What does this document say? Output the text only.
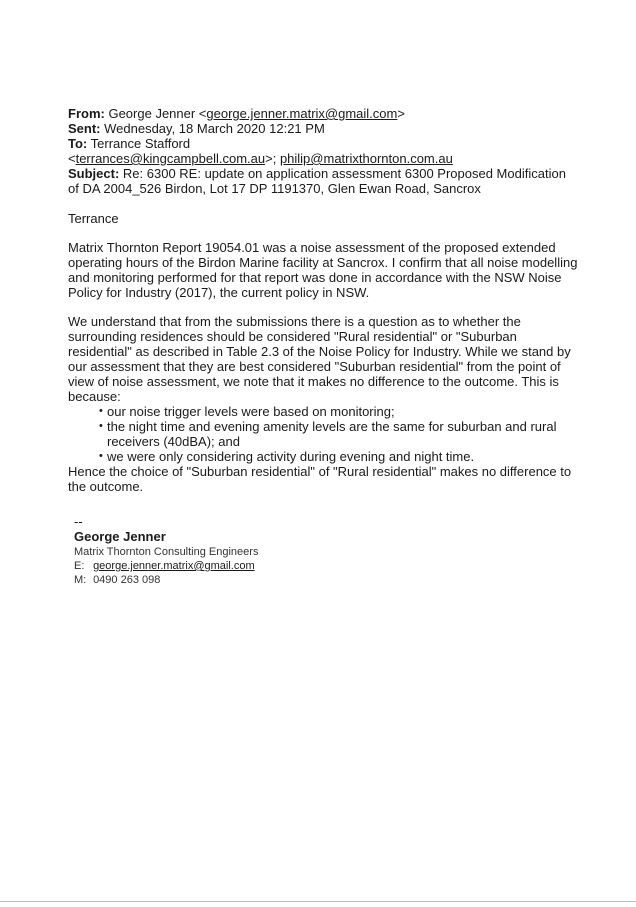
From: George Jenner <george.jenner.matrix@gmail.com>
Sent: Wednesday, 18 March 2020 12:21 PM
To: Terrance Stafford
<terrances@kingcampbell.com.au>; philip@matrixthornton.com.au
Subject: Re: 6300 RE: update on application assessment 6300 Proposed Modification of DA 2004_526 Birdon, Lot 17 DP 1191370, Glen Ewan Road, Sancrox

Terrance

Matrix Thornton Report 19054.01 was a noise assessment of the proposed extended operating hours of the Birdon Marine facility at Sancrox. I confirm that all noise modelling and monitoring performed for that report was done in accordance with the NSW Noise Policy for Industry (2017), the current policy in NSW.

We understand that from the submissions there is a question as to whether the surrounding residences should be considered "Rural residential" or "Suburban residential" as described in Table 2.3 of the Noise Policy for Industry. While we stand by our assessment that they are best considered "Suburban residential" from the point of view of noise assessment, we note that it makes no difference to the outcome. This is because:

• our noise trigger levels were based on monitoring;
• the night time and evening amenity levels are the same for suburban and rural receivers (40dBA); and
• we were only considering activity during evening and night time.

Hence the choice of "Suburban residential" of "Rural residential" makes no difference to the outcome.

--
George Jenner
Matrix Thornton Consulting Engineers
E: george.jenner.matrix@gmail.com
M: 0490 263 098
